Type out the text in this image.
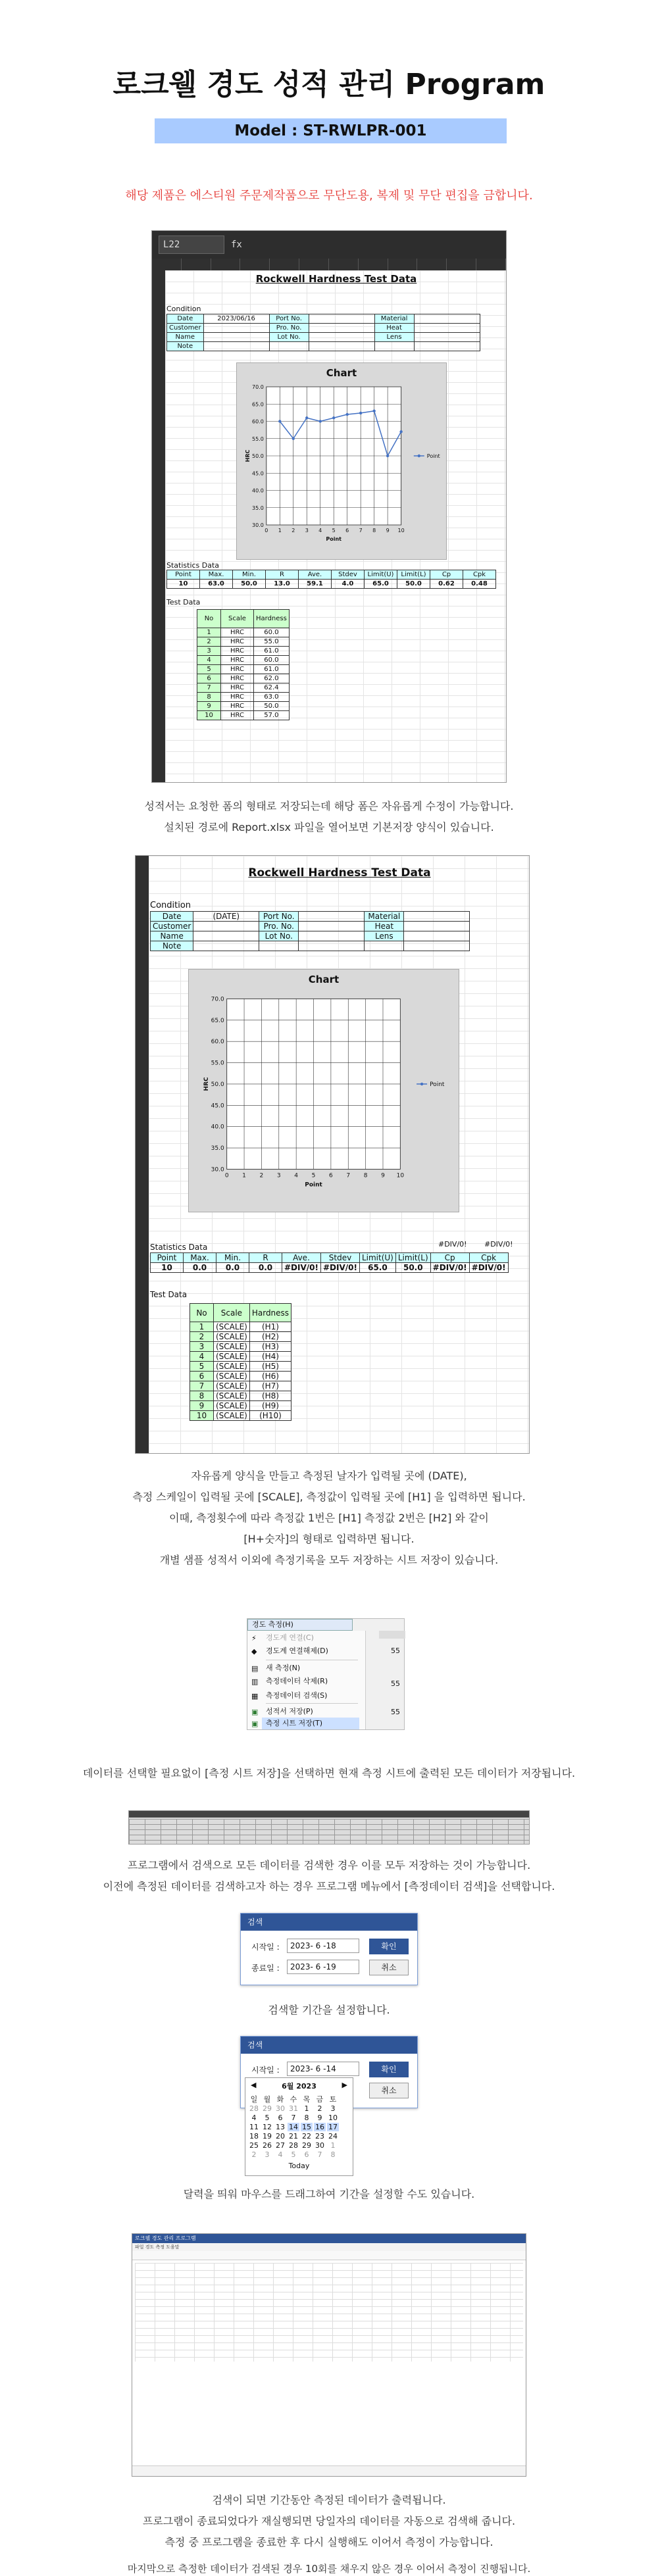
로크웰 경도 성적 관리 Program
Model : ST-RWLPR-001
해당 제품은 에스티원 주문제작품으로 무단도용, 복제 및 무단 편집을 금합니다.
L22	fx
Rockwell Hardness Test Data
Condition
Date	2023/06/16	Port No.		Material	
Customer		Pro. No.		Heat	
Name		Lot No.		Lens	
Note					
Chart
30.0
35.0
40.0
45.0
50.0
55.0
60.0
65.0
70.0
0 1 2 3 4 5 6 7 8 9 10
Point
HRC	Point
Statistics Data
Point	Max.	Min.	R	Ave.	Stdev	Limit(U)	Limit(L)	Cp	Cpk
10	63.0	50.0	13.0	59.1	4.0	65.0	50.0	0.62	0.48
Test Data
No	Scale	Hardness
1	HRC	60.0
2	HRC	55.0
3	HRC	61.0
4	HRC	60.0
5	HRC	61.0
6	HRC	62.0
7	HRC	62.4
8	HRC	63.0
9	HRC	50.0
10	HRC	57.0
성적서는 요청한 폼의 형태로 저장되는데 해당 폼은 자유롭게 수정이 가능합니다.
설치된 경로에 Report.xlsx 파일을 열어보면 기본저장 양식이 있습니다.
Rockwell Hardness Test Data
Condition
Date	(DATE)	Port No.		Material	
Customer		Pro. No.		Heat	
Name		Lot No.		Lens	
Note					
Chart
30.0
35.0
40.0
45.0
50.0
55.0
60.0
65.0
70.0
0 1 2 3 4 5 6 7 8 9 10
Point
HRC	Point
Statistics Data	#DIV/0! #DIV/0!
Point	Max.	Min.	R	Ave.	Stdev	Limit(U)	Limit(L)	Cp	Cpk
10	0.0	0.0	0.0	#DIV/0!	#DIV/0!	65.0	50.0	#DIV/0!	#DIV/0!
Test Data
No	Scale	Hardness
1	(SCALE)	(H1)
2	(SCALE)	(H2)
3	(SCALE)	(H3)
4	(SCALE)	(H4)
5	(SCALE)	(H5)
6	(SCALE)	(H6)
7	(SCALE)	(H7)
8	(SCALE)	(H8)
9	(SCALE)	(H9)
10	(SCALE)	(H10)
자유롭게 양식을 만들고 측정된 날자가 입력될 곳에 (DATE),
측정 스케일이 입력될 곳에 [SCALE], 측정값이 입력될 곳에 [H1] 을 입력하면 됩니다.
이때, 측정횟수에 따라 측정값 1번은 [H1] 측정값 2번은 [H2] 와 같이
[H+숫자]의 형태로 입력하면 됩니다.
개별 샘플 성적서 이외에 측정기록을 모두 저장하는 시트 저장이 있습니다.
경도 측정(H)
⚡	경도계 연결(C)
◆	경도계 연결해제(D)
▤	새 측정(N)
▥	측정데이터 삭제(R)
▦	측정데이터 검색(S)
▣	성적서 저장(P)
▣	측정 시트 저장(T)
55
55
55
데이터를 선택할 필요없이 [측정 시트 저장]을 선택하면 현재 측정 시트에 출력된 모든 데이터가 저장됩니다.
프로그램에서 검색으로 모든 데이터를 검색한 경우 이를 모두 저장하는 것이 가능합니다.
이전에 측정된 데이터를 검색하고자 하는 경우 프로그램 메뉴에서 [측정데이터 검색]을 선택합니다.
검색
시작일 :	2023- 6 -18
종료일 :	2023- 6 -19
확인
취소
검색할 기간을 설정합니다.
검색
시작일 :	2023- 6 -14	확인
취소
◀	6월 2023	▶
일 월 화 수 목 금 토
28 29 30 31 1	2	3
4	5	6	7	8	9 10
11 12 13 14 15 16 17
18 19 20 21 22 23 24
25 26 27 28 29 30 1
2	3	4	5	6	7	8
Today
달력을 띄워 마우스를 드래그하여 기간을 설정할 수도 있습니다.
로크웰 경도 관리 프로그램
파일 경도 측정 도움말
검색이 되면 기간동안 측정된 데이터가 출력됩니다.
프로그램이 종료되었다가 재실행되면 당일자의 데이터를 자동으로 검색해 줍니다.
측정 중 프로그램을 종료한 후 다시 실행해도 이어서 측정이 가능합니다.
마지막으로 측정한 데이터가 검색된 경우 10회를 채우지 않은 경우 이어서 측정이 진행됩니다.
